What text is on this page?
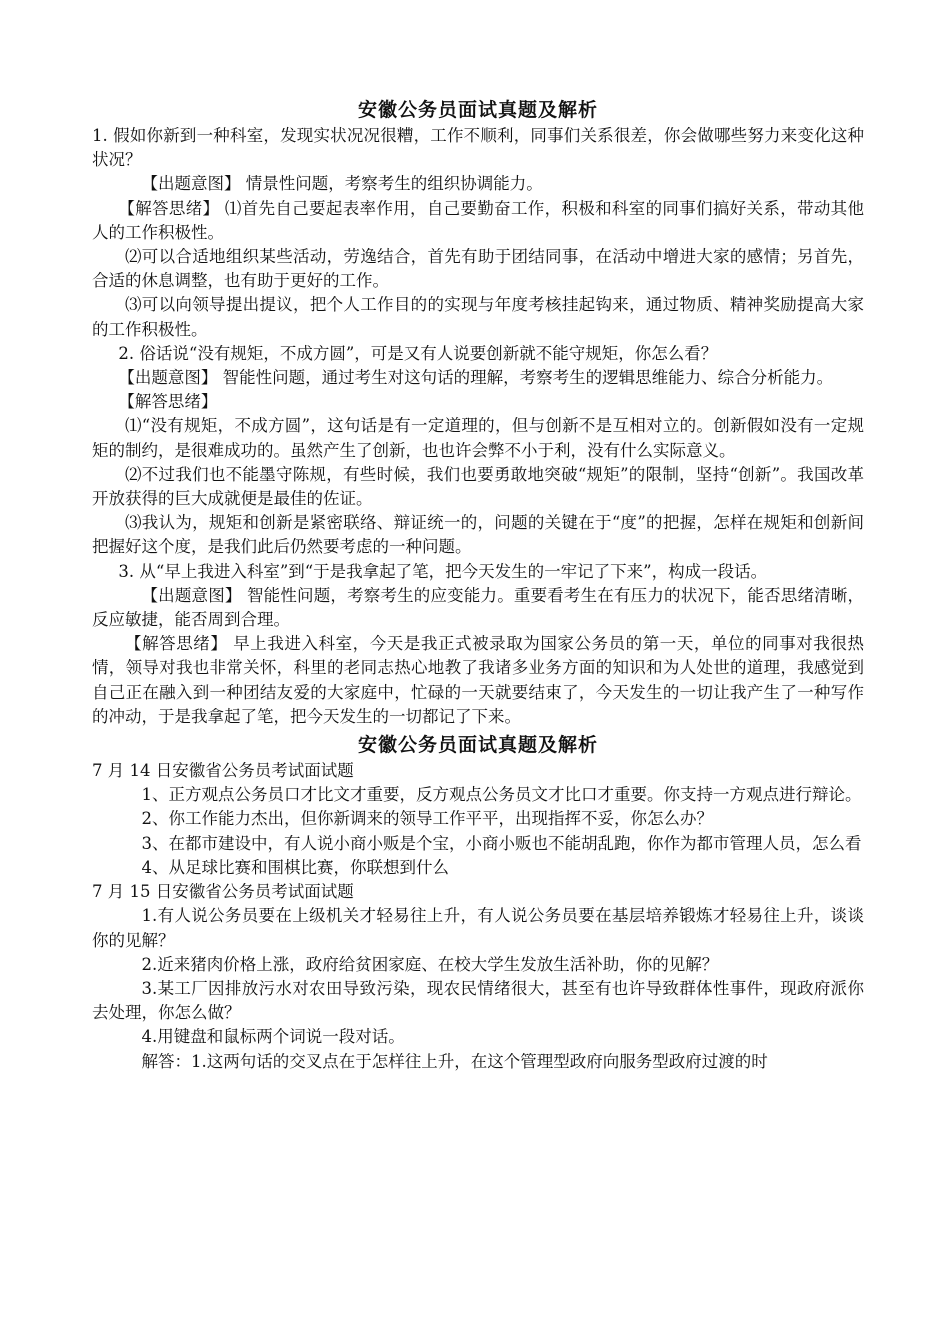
安徽公务员面试真题及解析

1. 假如你新到一种科室，发现实状况况很糟，工作不顺利，同事们关系很差，你会做哪些努力来变化这种状况？

【出题意图】 情景性问题，考察考生的组织协调能力。

【解答思绪】 ⑴首先自己要起表率作用，自己要勤奋工作，积极和科室的同事们搞好关系，带动其他人的工作积极性。

⑵可以合适地组织某些活动，劳逸结合，首先有助于团结同事，在活动中增进大家的感情；另首先，合适的休息调整，也有助于更好的工作。

⑶可以向领导提出提议，把个人工作目的的实现与年度考核挂起钩来，通过物质、精神奖励提高大家的工作积极性。

2. 俗话说“没有规矩，不成方圆”，可是又有人说要创新就不能守规矩，你怎么看？

【出题意图】 智能性问题，通过考生对这句话的理解，考察考生的逻辑思维能力、综合分析能力。

【解答思绪】

⑴“没有规矩，不成方圆”，这句话是有一定道理的，但与创新不是互相对立的。创新假如没有一定规矩的制约，是很难成功的。虽然产生了创新，也也许会弊不小于利，没有什么实际意义。

⑵不过我们也不能墨守陈规，有些时候，我们也要勇敢地突破“规矩”的限制，坚持“创新”。我国改革开放获得的巨大成就便是最佳的佐证。

⑶我认为，规矩和创新是紧密联络、辩证统一的，问题的关键在于“度”的把握，怎样在规矩和创新间把握好这个度，是我们此后仍然要考虑的一种问题。

3. 从“早上我进入科室”到“于是我拿起了笔，把今天发生的一牢记了下来”，构成一段话。

【出题意图】 智能性问题，考察考生的应变能力。重要看考生在有压力的状况下，能否思绪清晰，反应敏捷，能否周到合理。

【解答思绪】 早上我进入科室，今天是我正式被录取为国家公务员的第一天，单位的同事对我很热情，领导对我也非常关怀，科里的老同志热心地教了我诸多业务方面的知识和为人处世的道理，我感觉到自己正在融入到一种团结友爱的大家庭中，忙碌的一天就要结束了，今天发生的一切让我产生了一种写作的冲动，于是我拿起了笔，把今天发生的一切都记了下来。

安徽公务员面试真题及解析

7 月 14 日安徽省公务员考试面试题

1、正方观点公务员口才比文才重要，反方观点公务员文才比口才重要。你支持一方观点进行辩论。

2、你工作能力杰出，但你新调来的领导工作平平，出现指挥不妥，你怎么办？

3、在都市建设中，有人说小商小贩是个宝，小商小贩也不能胡乱跑，你作为都市管理人员，怎么看

4、从足球比赛和围棋比赛，你联想到什么

7 月 15 日安徽省公务员考试面试题

1.有人说公务员要在上级机关才轻易往上升，有人说公务员要在基层培养锻炼才轻易往上升，谈谈你的见解？

2.近来猪肉价格上涨，政府给贫困家庭、在校大学生发放生活补助，你的见解？

3.某工厂因排放污水对农田导致污染，现农民情绪很大，甚至有也许导致群体性事件，现政府派你去处理，你怎么做？

4.用键盘和鼠标两个词说一段对话。

解答：1.这两句话的交叉点在于怎样往上升，在这个管理型政府向服务型政府过渡的时
